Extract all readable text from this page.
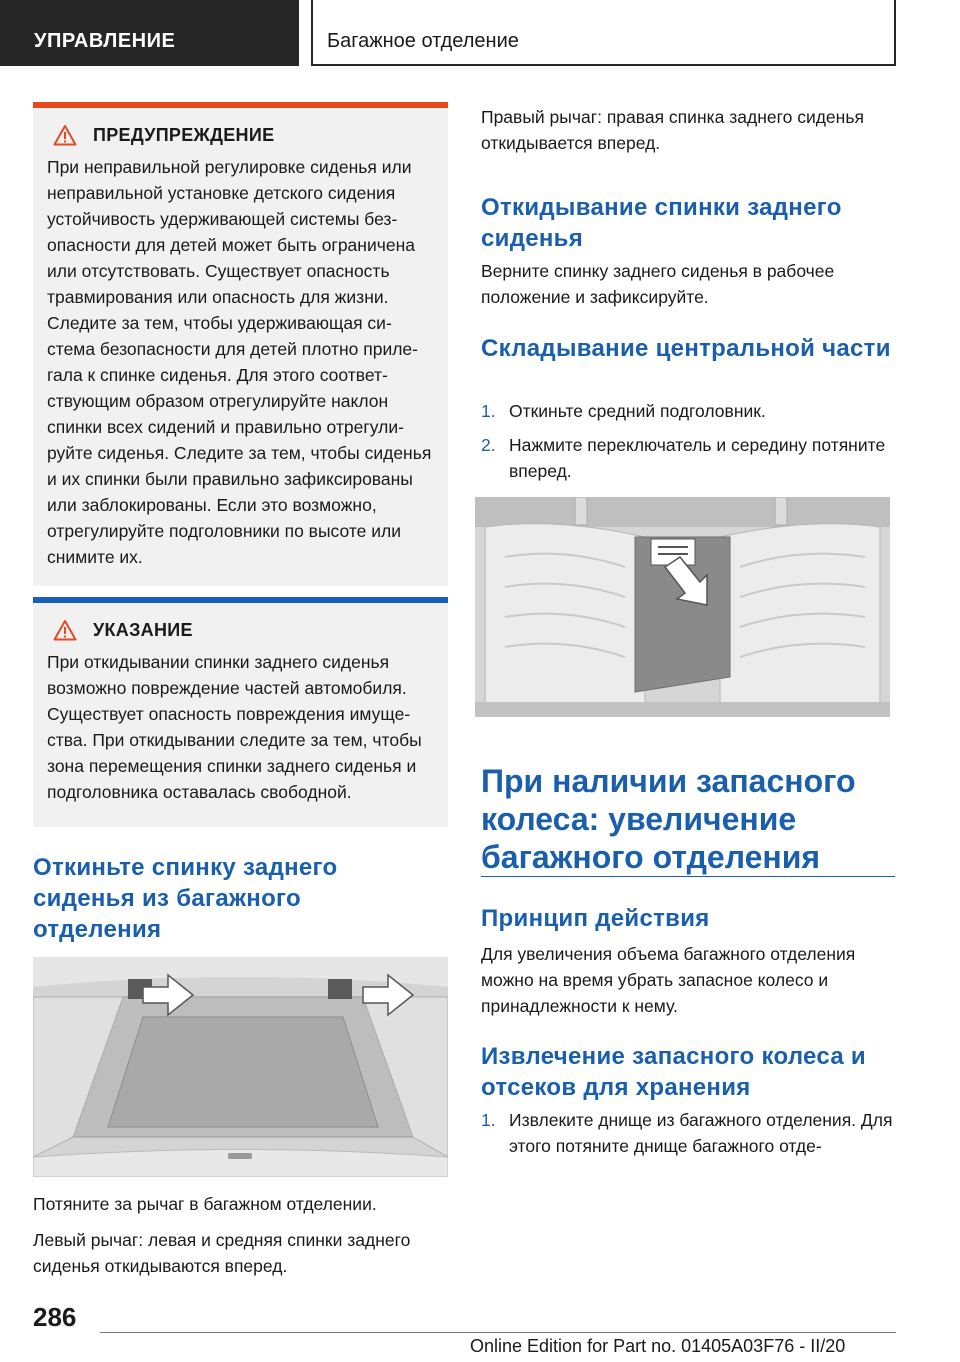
УПРАВЛЕНИЕ	Багажное отделение
ПРЕДУПРЕЖДЕНИЕ

При неправильной регулировке сиденья или неправильной установке детского сидения устойчивость удерживающей системы безопасности для детей может быть ограничена или отсутствовать. Существует опасность травмирования или опасность для жизни. Следите за тем, чтобы удерживающая система безопасности для детей плотно прилегала к спинке сиденья. Для этого соответствующим образом отрегулируйте наклон спинки всех сидений и правильно отрегулируйте сиденья. Следите за тем, чтобы сиденья и их спинки были правильно зафиксированы или заблокированы. Если это возможно, отрегулируйте подголовники по высоте или снимите их.

УКАЗАНИЕ

При откидывании спинки заднего сиденья возможно повреждение частей автомобиля. Существует опасность повреждения имущества. При откидывании следите за тем, чтобы зона перемещения спинки заднего сиденья и подголовника оставалась свободной.

Откиньте спинку заднего сиденья из багажного отделения

Потяните за рычаг в багажном отделении.

Левый рычаг: левая и средняя спинки заднего сиденья откидываются вперед.

Правый рычаг: правая спинка заднего сиденья откидывается вперед.

Откидывание спинки заднего сиденья

Верните спинку заднего сиденья в рабочее положение и зафиксируйте.

Складывание центральной части
1. Откиньте средний подголовник.
2. Нажмите переключатель и середину потяните вперед.
При наличии запасного колеса: увеличение багажного отделения
Принцип действия

Для увеличения объема багажного отделения можно на время убрать запасное колесо и принадлежности к нему.

Извлечение запасного колеса и отсеков для хранения
1. Извлеките днище из багажного отделения. Для этого потяните днище багажного отде-
286
Online Edition for Part no. 01405A03F76 - II/20
